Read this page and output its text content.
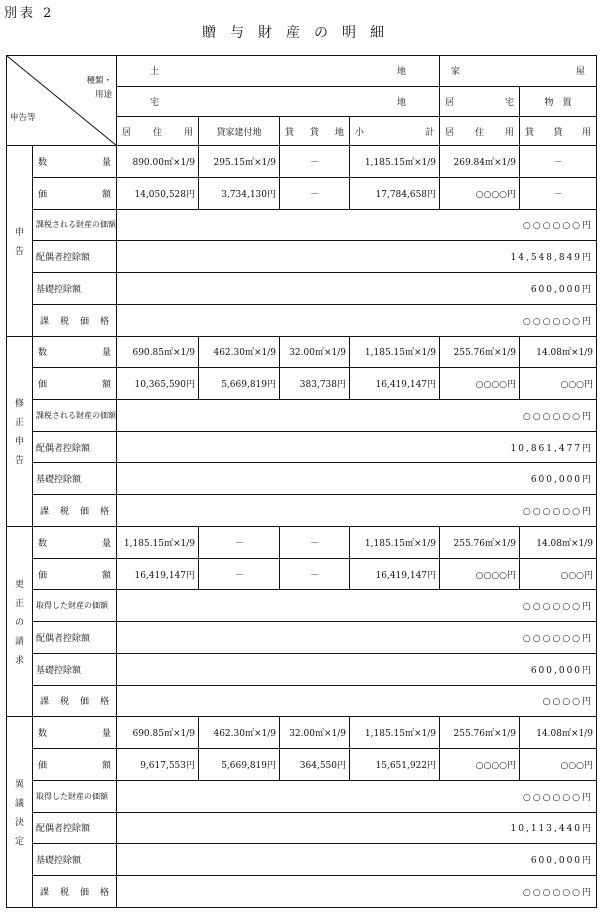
別表 2
贈与財産の明細
種類・
用途
申告等		土 地				家 屋	

		宅 地				居 宅	物　置

		居 住 用	貸家建付地	貸 貸 地	小 計	居 住 用	貸 貸 用

申
告	数 量	890.00㎡×1/9	295.15㎡×1/9	－	1,185.15㎡×1/9	269.84㎡×1/9	－

	価 額	14,050,528円	3,734,130円	－	17,784,658円	○○○○円	－
	課税される財産の価額	○○○○○○円					
	配偶者控除額	14,548,849円					
	基礎控除額	600,000円					

	課 税 価 格	○○○○○○円					

修
正
申
告	数 量	690.85㎡×1/9	462.30㎡×1/9	32.00㎡×1/9	1,185.15㎡×1/9	255.76㎡×1/9	14.08㎡×1/9

	価 額	10,365,590円	5,669,819円	383,738円	16,419,147円	○○○○円	○○○円
	課税される財産の価額	○○○○○○円					
	配偶者控除額	10,861,477円					
	基礎控除額	600,000円					

	課 税 価 格	○○○○○○円					

更
正
の
請
求	数 量	1,185.15㎡×1/9	－	－	1,185.15㎡×1/9	255.76㎡×1/9	14.08㎡×1/9

	価 額	16,419,147円	－	－	16,419,147円	○○○○円	○○○円
	取得した財産の価額	○○○○○○円					
	配偶者控除額	○○○○○○円					
	基礎控除額	600,000円					

	課 税 価 格	○○○○円					

異
議
決
定	数 量	690.85㎡×1/9	462.30㎡×1/9	32.00㎡×1/9	1,185.15㎡×1/9	255.76㎡×1/9	14.08㎡×1/9

	価 額	9,617,553円	5,669,819円	364,550円	15,651,922円	○○○○円	○○○円
	取得した財産の価額	○○○○○○円					
	配偶者控除額	10,113,440円					
	基礎控除額	600,000円					

	課 税 価 格	○○○○○○円					
